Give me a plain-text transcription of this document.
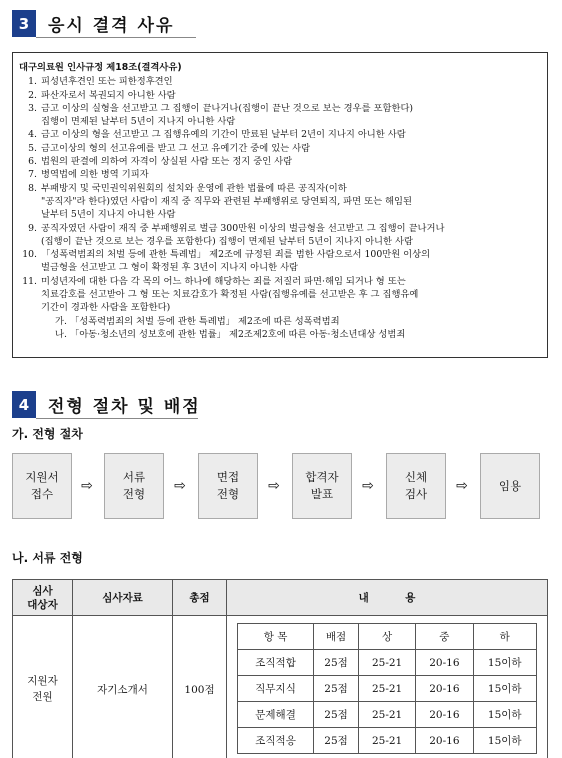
3	응시 결격 사유
대구의료원 인사규정 제18조(결격사유)
1. 피성년후견인 또는 피한정후견인
2. 파산자로서 복권되지 아니한 사람
3. 금고 이상의 실형을 선고받고 그 집행이 끝나거나(집행이 끝난 것으로 보는 경우를 포함한다)
집행이 면제된 날부터 5년이 지나지 아니한 사람
4. 금고 이상의 형을 선고받고 그 집행유예의 기간이 만료된 날부터 2년이 지나지 아니한 사람
5. 금고이상의 형의 선고유예를 받고 그 선고 유예기간 중에 있는 사람
6. 법원의 판결에 의하여 자격이 상실된 사람 또는 정지 중인 사람
7. 병역법에 의한 병역 기피자
8. 부패방지 및 국민권익위원회의 설치와 운영에 관한 법률에 따른 공직자(이하
"공직자"라 한다)였던 사람이 재직 중 직무와 관련된 부패행위로 당연퇴직, 파면 또는 해임된
날부터 5년이 지나지 아니한 사람
9. 공직자였던 사람이 재직 중 부패행위로 벌금 300만원 이상의 벌금형을 선고받고 그 집행이 끝나거나
(집행이 끝난 것으로 보는 경우를 포함한다) 집행이 면제된 날부터 5년이 지나지 아니한 사람
10. 「성폭력범죄의 처벌 등에 관한 특례법」 제2조에 규정된 죄를 범한 사람으로서 100만원 이상의
벌금형을 선고받고 그 형이 확정된 후 3년이 지나지 아니한 사람
11. 미성년자에 대한 다음 각 목의 어느 하나에 해당하는 죄를 저질러 파면·해임 되거나 형 또는
치료감호를 선고받아 그 형 또는 치료감호가 확정된 사람(집행유예를 선고받은 후 그 집행유예
기간이 경과한 사람을 포함한다)
가. 「성폭력범죄의 처벌 등에 관한 특례법」 제2조에 따른 성폭력범죄
나. 「아동·청소년의 성보호에 관한 법률」 제2조제2호에 따른 아동·청소년대상 성범죄
4	전형 절차 및 배점
가. 전형 절차
지원서
접수	⇨
서류
전형	⇨
면접
전형	⇨
합격자
발표	⇨
신체
검사	⇨	임용
나. 서류 전형
심사
대상자	심사자료	총점	내          용
지원자
전원	자기소개서	100점	
항 목	배점	상	중	하
조직적합	25점	25-21	20-16	15이하
직무지식	25점	25-21	20-16	15이하
문제해결	25점	25-21	20-16	15이하
조직적응	25점	25-21	20-16	15이하
